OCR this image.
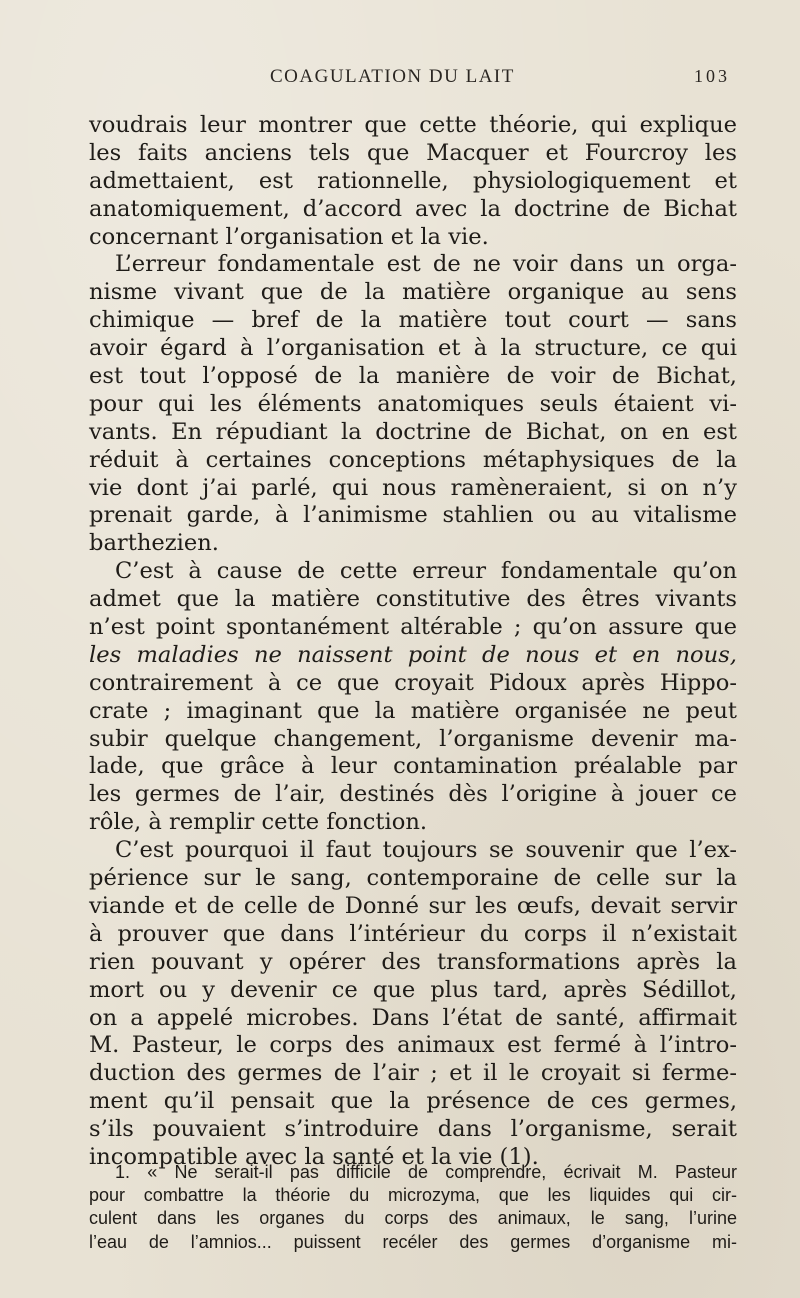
COAGULATION DU LAIT	103
voudrais leur montrer que cette théorie, qui explique
les faits anciens tels que Macquer et Fourcroy les
admettaient, est rationnelle, physiologiquement et
anatomiquement, d’accord avec la doctrine de Bichat
concernant l’organisation et la vie.
L’erreur fondamentale est de ne voir dans un orga-
nisme vivant que de la matière organique au sens
chimique — bref de la matière tout court — sans
avoir égard à l’organisation et à la structure, ce qui
est tout l’opposé de la manière de voir de Bichat,
pour qui les éléments anatomiques seuls étaient vi-
vants. En répudiant la doctrine de Bichat, on en est
réduit à certaines conceptions métaphysiques de la
vie dont j’ai parlé, qui nous ramèneraient, si on n’y
prenait garde, à l’animisme stahlien ou au vitalisme
barthezien.
C’est à cause de cette erreur fondamentale qu’on
admet que la matière constitutive des êtres vivants
n’est point spontanément altérable ; qu’on assure que
les maladies ne naissent point de nous et en nous,
contrairement à ce que croyait Pidoux après Hippo-
crate ; imaginant que la matière organisée ne peut
subir quelque changement, l’organisme devenir ma-
lade, que grâce à leur contamination préalable par
les germes de l’air, destinés dès l’origine à jouer ce
rôle, à remplir cette fonction.
C’est pourquoi il faut toujours se souvenir que l’ex-
périence sur le sang, contemporaine de celle sur la
viande et de celle de Donné sur les œufs, devait servir
à prouver que dans l’intérieur du corps il n’existait
rien pouvant y opérer des transformations après la
mort ou y devenir ce que plus tard, après Sédillot,
on a appelé microbes. Dans l’état de santé, affirmait
M. Pasteur, le corps des animaux est fermé à l’intro-
duction des germes de l’air ; et il le croyait si ferme-
ment qu’il pensait que la présence de ces germes,
s’ils pouvaient s’introduire dans l’organisme, serait
incompatible avec la santé et la vie (1).
1. « Ne serait-il pas difficile de comprendre, écrivait M. Pasteur
pour combattre la théorie du microzyma, que les liquides qui cir-
culent dans les organes du corps des animaux, le sang, l’urine
l’eau de l’amnios... puissent recéler des germes d’organisme mi-
